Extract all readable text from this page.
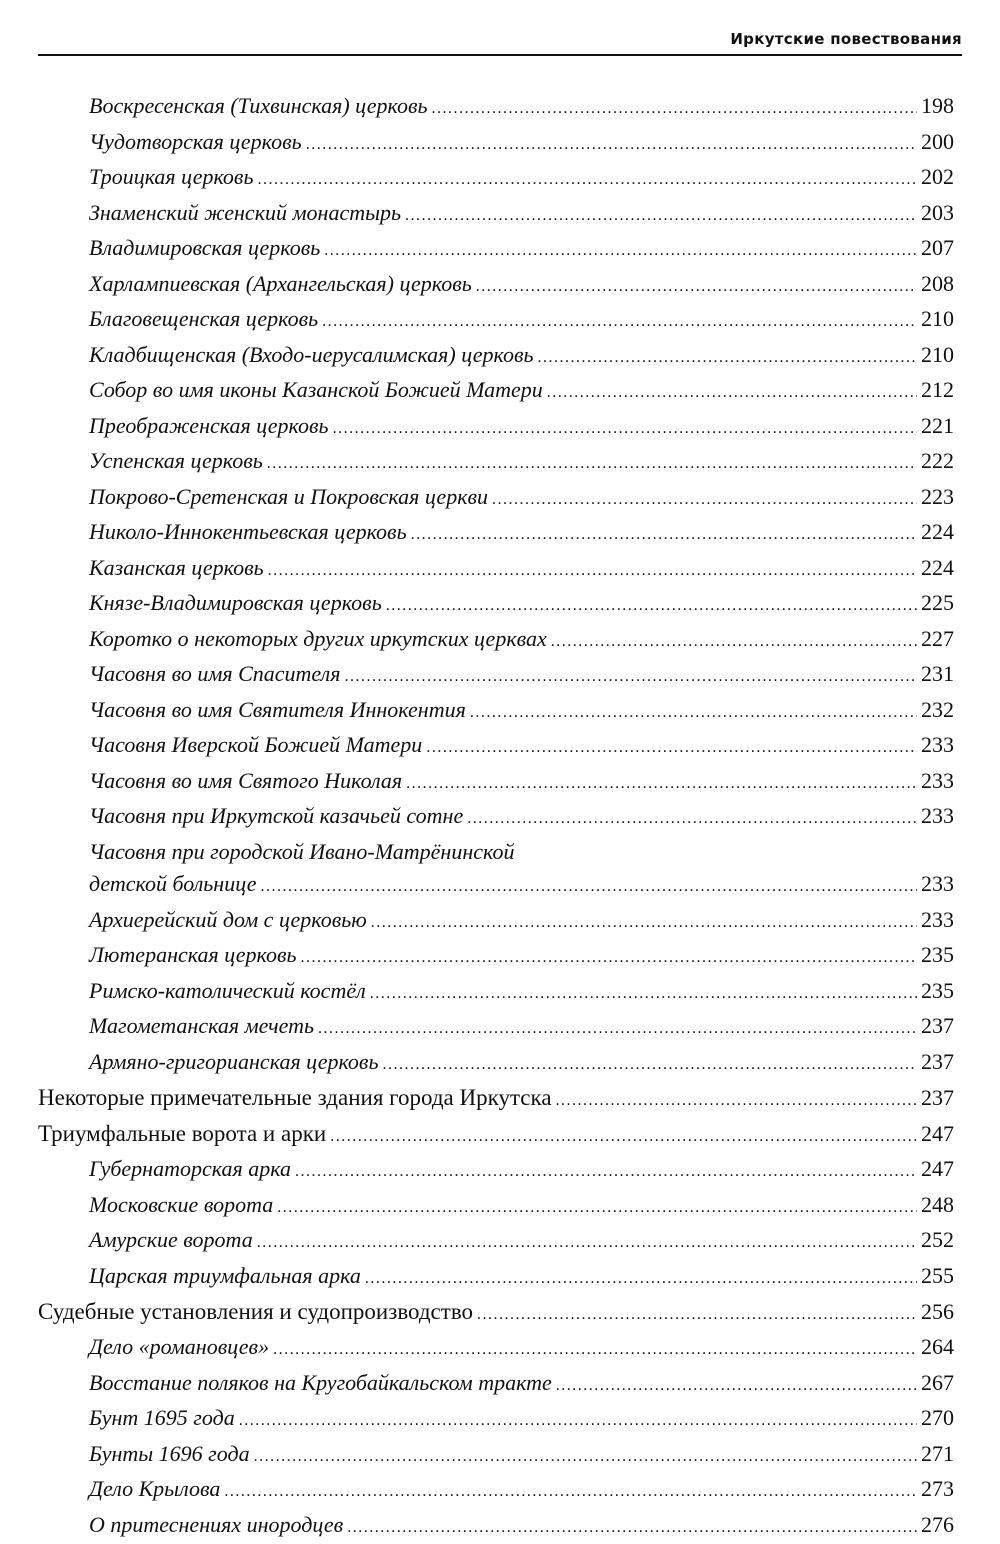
Иркутские повествования
Воскресенская (Тихвинская) церковь .....	198
Чудотворская церковь .....	200
Троицкая церковь .....	202
Знаменский женский монастырь .....	203
Владимировская церковь .....	207
Харлампиевская (Архангельская) церковь .....	208
Благовещенская церковь .....	210
Кладбищенская (Входо-иерусалимская) церковь .....	210
Собор во имя иконы Казанской Божией Матери .....	212
Преображенская церковь .....	221
Успенская церковь .....	222
Покрово-Сретенская и Покровская церкви .....	223
Николо-Иннокентьевская церковь .....	224
Казанская церковь .....	224
Князе-Владимировская церковь .....	225
Коротко о некоторых других иркутских церквах .....	227
Часовня во имя Спасителя .....	231
Часовня во имя Святителя Иннокентия .....	232
Часовня Иверской Божией Матери .....	233
Часовня во имя Святого Николая .....	233
Часовня при Иркутской казачьей сотне .....	233
Часовня при городской Ивано-Матрёнинской
детской больнице .....	233
Архиерейский дом с церковью .....	233
Лютеранская церковь .....	235
Римско-католический костёл .....	235
Магометанская мечеть .....	237
Армяно-григорианская церковь .....	237
Некоторые примечательные здания города Иркутска .....	237
Триумфальные ворота и арки .....	247
Губернаторская арка .....	247
Московские ворота .....	248
Амурские ворота .....	252
Царская триумфальная арка .....	255
Судебные установления и судопроизводство .....	256
Дело «романовцев» .....	264
Восстание поляков на Кругобайкальском тракте .....	267
Бунт 1695 года .....	270
Бунты 1696 года .....	271
Дело Крылова .....	273
О притеснениях инородцев .....	276
